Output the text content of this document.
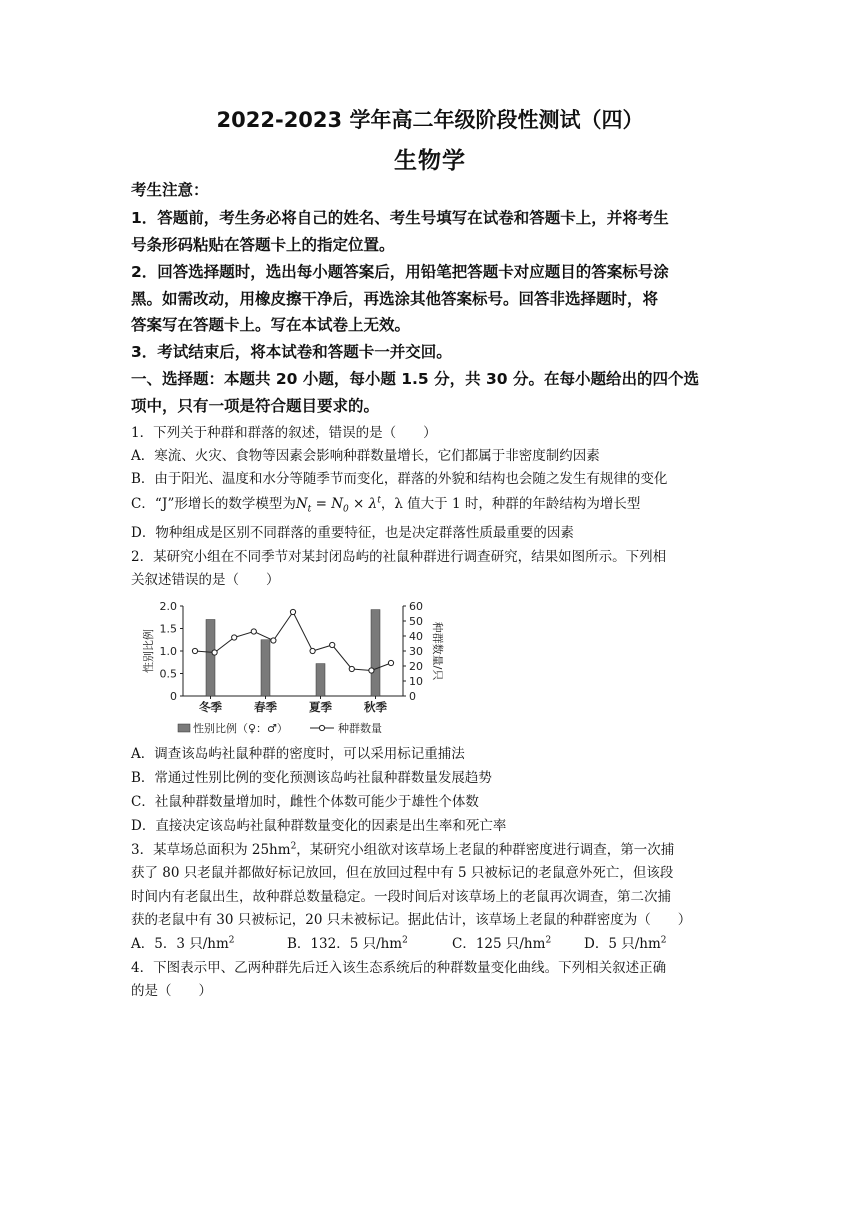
2022-2023 学年高二年级阶段性测试（四）
生物学
考生注意：
1．答题前，考生务必将自己的姓名、考生号填写在试卷和答题卡上，并将考生
号条形码粘贴在答题卡上的指定位置。
2．回答选择题时，选出每小题答案后，用铅笔把答题卡对应题目的答案标号涂
黑。如需改动，用橡皮擦干净后，再选涂其他答案标号。回答非选择题时，将
答案写在答题卡上。写在本试卷上无效。
3．考试结束后，将本试卷和答题卡一并交回。
一、选择题：本题共 20 小题，每小题 1.5 分，共 30 分。在每小题给出的四个选
项中，只有一项是符合题目要求的。
1．下列关于种群和群落的叙述，错误的是（　　）
A．寒流、火灾、食物等因素会影响种群数量增长，它们都属于非密度制约因素
B．由于阳光、温度和水分等随季节而变化，群落的外貌和结构也会随之发生有规律的变化
C．“J”形增长的数学模型为$N_t = N_0 \times \lambda^t$，λ 值大于 1 时，种群的年龄结构为增长型
D．物种组成是区别不同群落的重要特征，也是决定群落性质最重要的因素
2．某研究小组在不同季节对某封闭岛屿的社鼠种群进行调查研究，结果如图所示。下列相
关叙述错误的是（　　）
0
0.5
1.0
1.5
2.0
0
10
20
30
40
50
60
性别比例	种群数量/只
冬季	春季	夏季	秋季
性别比例（♀：♂）	种群数量
A．调查该岛屿社鼠种群的密度时，可以采用标记重捕法
B．常通过性别比例的变化预测该岛屿社鼠种群数量发展趋势
C．社鼠种群数量增加时，雌性个体数可能少于雄性个体数
D．直接决定该岛屿社鼠种群数量变化的因素是出生率和死亡率
3．某草场总面积为 $25hm^2$，某研究小组欲对该草场上老鼠的种群密度进行调查，第一次捕
获了 80 只老鼠并都做好标记放回，但在放回过程中有 5 只被标记的老鼠意外死亡，但该段
时间内有老鼠出生，故种群总数量稳定。一段时间后对该草场上的老鼠再次调查，第二次捕
获的老鼠中有 30 只被标记，20 只未被标记。据此估计，该草场上老鼠的种群密度为（　　）
A．5．3 只$/hm^2$	B．132．5 只$/hm^2$	C．125 只$/hm^2$ D．5 只$/hm^2$
4．下图表示甲、乙两种群先后迁入该生态系统后的种群数量变化曲线。下列相关叙述正确
的是（　　）
